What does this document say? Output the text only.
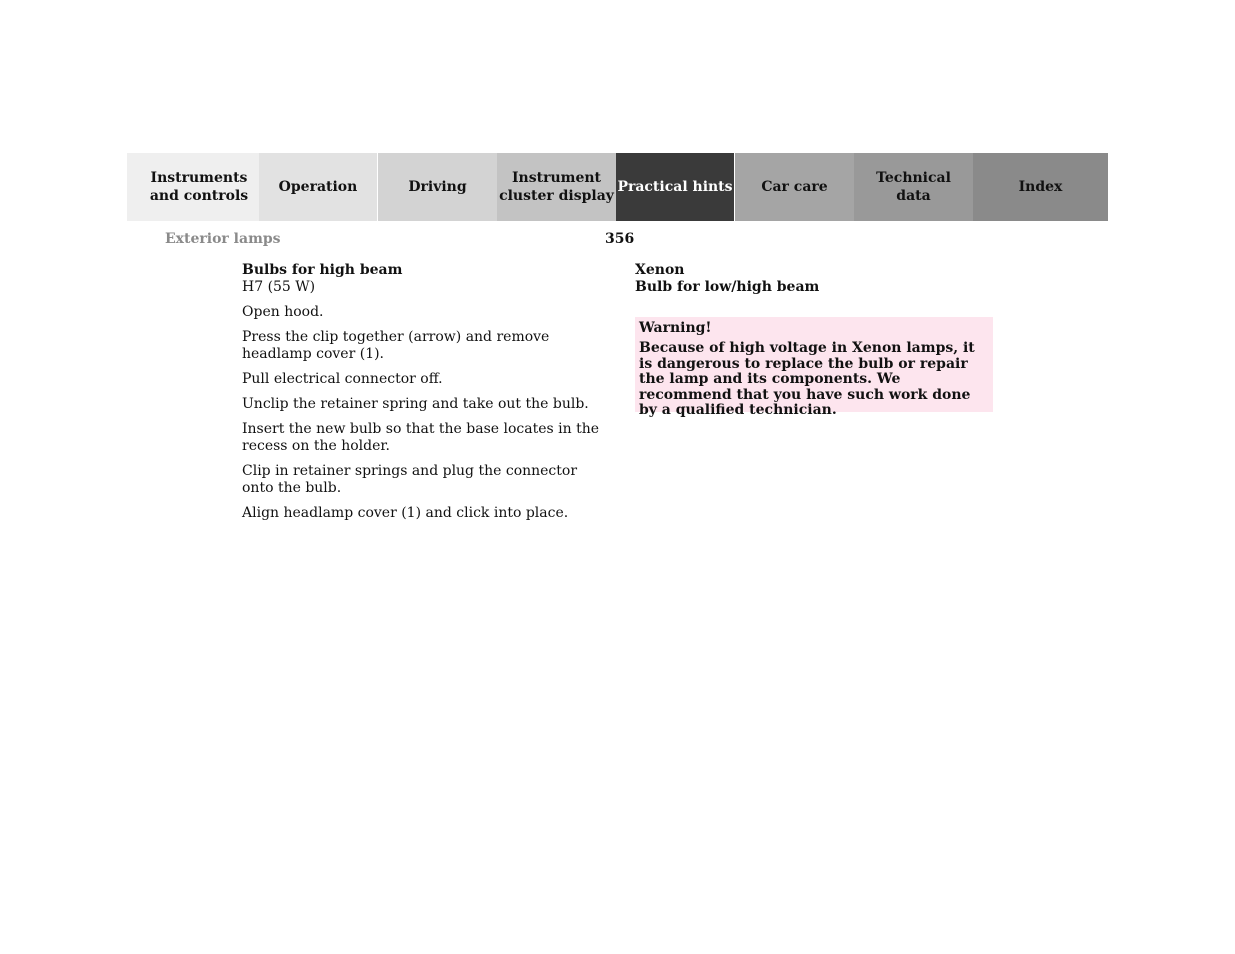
Instruments
and controls
Operation	Driving
Instrument
cluster display
Practical hints	Car care
Technical
data
Index
Exterior lamps	356
Bulbs for high beam
H7 (55 W)

Open hood.

Press the clip together (arrow) and remove headlamp cover (1).

Pull electrical connector off.

Unclip the retainer spring and take out the bulb.

Insert the new bulb so that the base locates in the recess on the holder.

Clip in retainer springs and plug the connector onto the bulb.

Align headlamp cover (1) and click into place.

Xenon
Bulb for low/high beam
Warning!
Because of high voltage in Xenon lamps, it is dangerous to replace the bulb or repair the lamp and its components. We recommend that you have such work done by a qualified technician.
